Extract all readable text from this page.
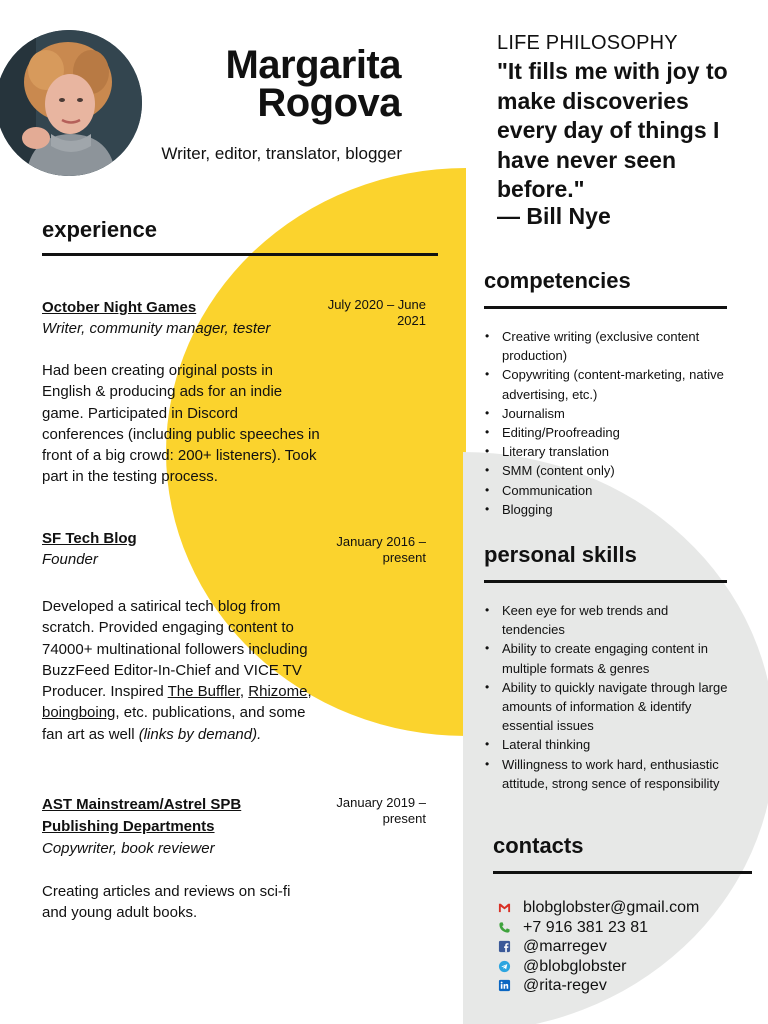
Margarita
Rogova
Writer, editor, translator, blogger
experience
October Night Games
Writer, community manager, tester
July 2020 – June 2021
Had been creating original posts in English & producing ads for an indie game. Participated in Discord conferences (including public speeches in front of a big crowd: 200+ listeners). Took part in the testing process.
SF Tech Blog
Founder
January 2016 – present
Developed a satirical tech blog from scratch. Provided engaging content to 74000+ multinational followers including BuzzFeed Editor-In-Chief and VICE TV Producer. Inspired The Buffler, Rhizome, boingboing, etc. publications, and some fan art as well (links by demand).
AST Mainstream/Astrel SPB Publishing Departments
Copywriter, book reviewer
January 2019 – present
Creating articles and reviews on sci-fi and young adult books.
LIFE PHILOSOPHY
"It fills me with joy to make discoveries every day of things I have never seen before."
— Bill Nye
competencies
• Creative writing (exclusive content production)
• Copywriting (content-marketing, native advertising, etc.)
• Journalism
• Editing/Proofreading
• Literary translation
• SMM (content only)
• Communication
• Blogging
personal skills
• Keen eye for web trends and tendencies
• Ability to create engaging content in multiple formats & genres
• Ability to quickly navigate through large amounts of information & identify essential issues
• Lateral thinking
• Willingness to work hard, enthusiastic attitude, strong sence of responsibility
contacts
blobglobster@gmail.com
+7 916 381 23 81
@marregev
@blobglobster
@rita-regev
